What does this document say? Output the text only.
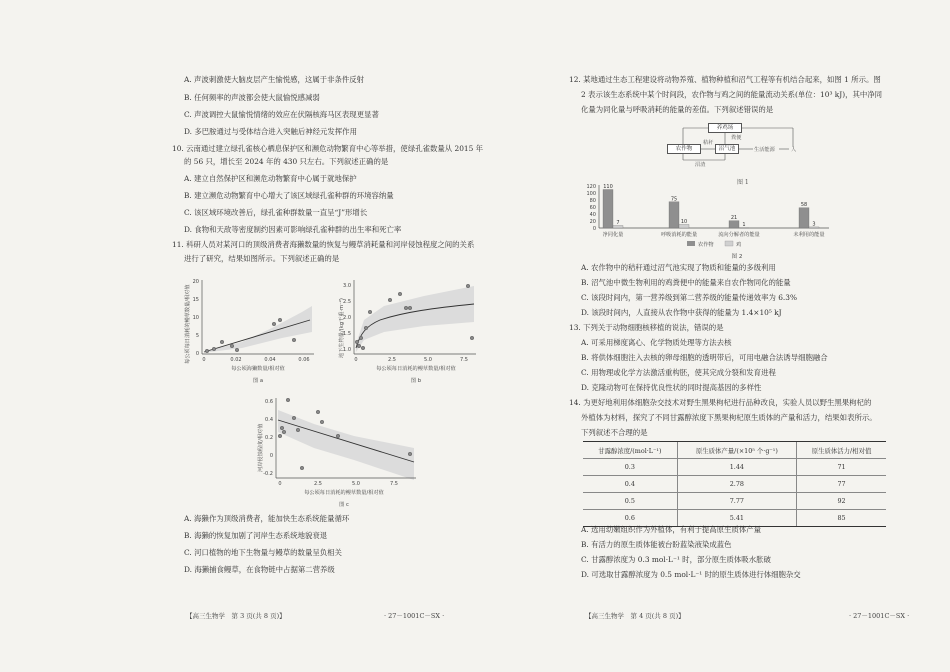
A. 声波刺激使大脑皮层产生愉悦感，这属于非条件反射
B. 任何频率的声波都会使大鼠愉悦感减弱
C. 声波调控大鼠愉悦情绪的效应在伏隔核海马区表现更显著
D. 多巴胺通过与受体结合进入突触后神经元发挥作用
10. 云南通过建立绿孔雀核心栖息保护区和濒危动物繁育中心等举措，使绿孔雀数量从 2015 年
的 56 只，增长至 2024 年的 430 只左右。下列叙述正确的是
A. 建立自然保护区和濒危动物繁育中心属于就地保护
B. 建立濒危动物繁育中心增大了该区域绿孔雀种群的环境容纳量
C. 该区域环境改善后，绿孔雀种群数量一直呈“J”形增长
D. 食物和天敌等密度制约因素可影响绿孔雀种群的出生率和死亡率
11. 科研人员对某河口的顶级消费者海獭数量的恢复与鳗草消耗量和河岸侵蚀程度之间的关系
进行了研究，结果如图所示。下列叙述正确的是
每公顷每日消耗的鳗草数量/相对值 0
5
10
15
20
0	0.02	0.04	0.06
每公顷海獭数量/相对值
图 a
地下生物量/(kg干重·m⁻²)
1.0
1.5
2.0
2.5
3.0
0	2.5	5.0	7.5
每公顷每日消耗的鳗草数量/相对值
图 b
河岸侵蚀程度/相对值
0.6
0.4
0.2
0
-0.2
0	2.5	5.0	7.5
每公顷每日消耗的鳗草数量/相对值
图 c
A. 海獭作为顶级消费者，能加快生态系统能量循环
B. 海獭的恢复加剧了河岸生态系统地貌衰退
C. 河口植物的地下生物量与鳗草的数量呈负相关
D. 海獭捕食鳗草，在食物链中占据第二营养级
【高三生物学　第 3 页(共 8 页)】	· 27－1001C－SX ·
12. 某地通过生态工程建设将动物养殖、植物种植和沼气工程等有机结合起来，如图 1 所示。图
2 表示该生态系统中某个时间段，农作物与鸡之间的能量流动关系(单位：10³ kJ)，其中净同
化量为同化量与呼吸消耗的能量的差值。下列叙述错误的是
养鸡场
农作物	沼气池
粪便
秸秆
沼渣
生活能源	人
图 1
120
100
80
60
40
20
0
110
7
75
10
21
1
58
3
净同化量	呼吸消耗的能量	流向分解者的能量	未利用的能量
农作物	鸡
图 2
A. 农作物中的秸秆通过沼气池实现了物质和能量的多级利用
B. 沼气池中微生物利用的鸡粪便中的能量来自农作物同化的能量
C. 该段时间内，第一营养级到第二营养级的能量传递效率为 6.3%
D. 该段时间内，人直接从农作物中获得的能量为 1.4×10⁵ kJ
13. 下列关于动物细胞核移植的说法，错误的是
A. 可采用梯度离心、化学物质处理等方法去核
B. 将供体细胞注入去核的卵母细胞的透明带后，可用电融合法诱导细胞融合
C. 用物理或化学方法激活重构胚，使其完成分裂和发育进程
D. 克隆动物可在保持优良性状的同时提高基因的多样性
14. 为更好地利用体细胞杂交技术对野生黑果枸杞进行品种改良，实验人员以野生黑果枸杞的
外植体为材料，探究了不同甘露醇浓度下黑果枸杞原生质体的产量和活力，结果如表所示。
下列叙述不合理的是
甘露醇浓度/(mol·L⁻¹)	原生质体产量/(×10⁵ 个·g⁻¹)	原生质体活力/相对值
0.3	1.44	71
0.4	2.78	77
0.5	7.77	92
0.6	5.41	85
A. 选用幼嫩组织作为外植体，有利于提高原生质体产量
B. 有活力的原生质体能被台盼蓝染液染成蓝色
C. 甘露醇浓度为 0.3 mol·L⁻¹ 时，部分原生质体吸水胀破
D. 可选取甘露醇浓度为 0.5 mol·L⁻¹ 时的原生质体进行体细胞杂交
【高三生物学　第 4 页(共 8 页)】	· 27－1001C－SX ·
